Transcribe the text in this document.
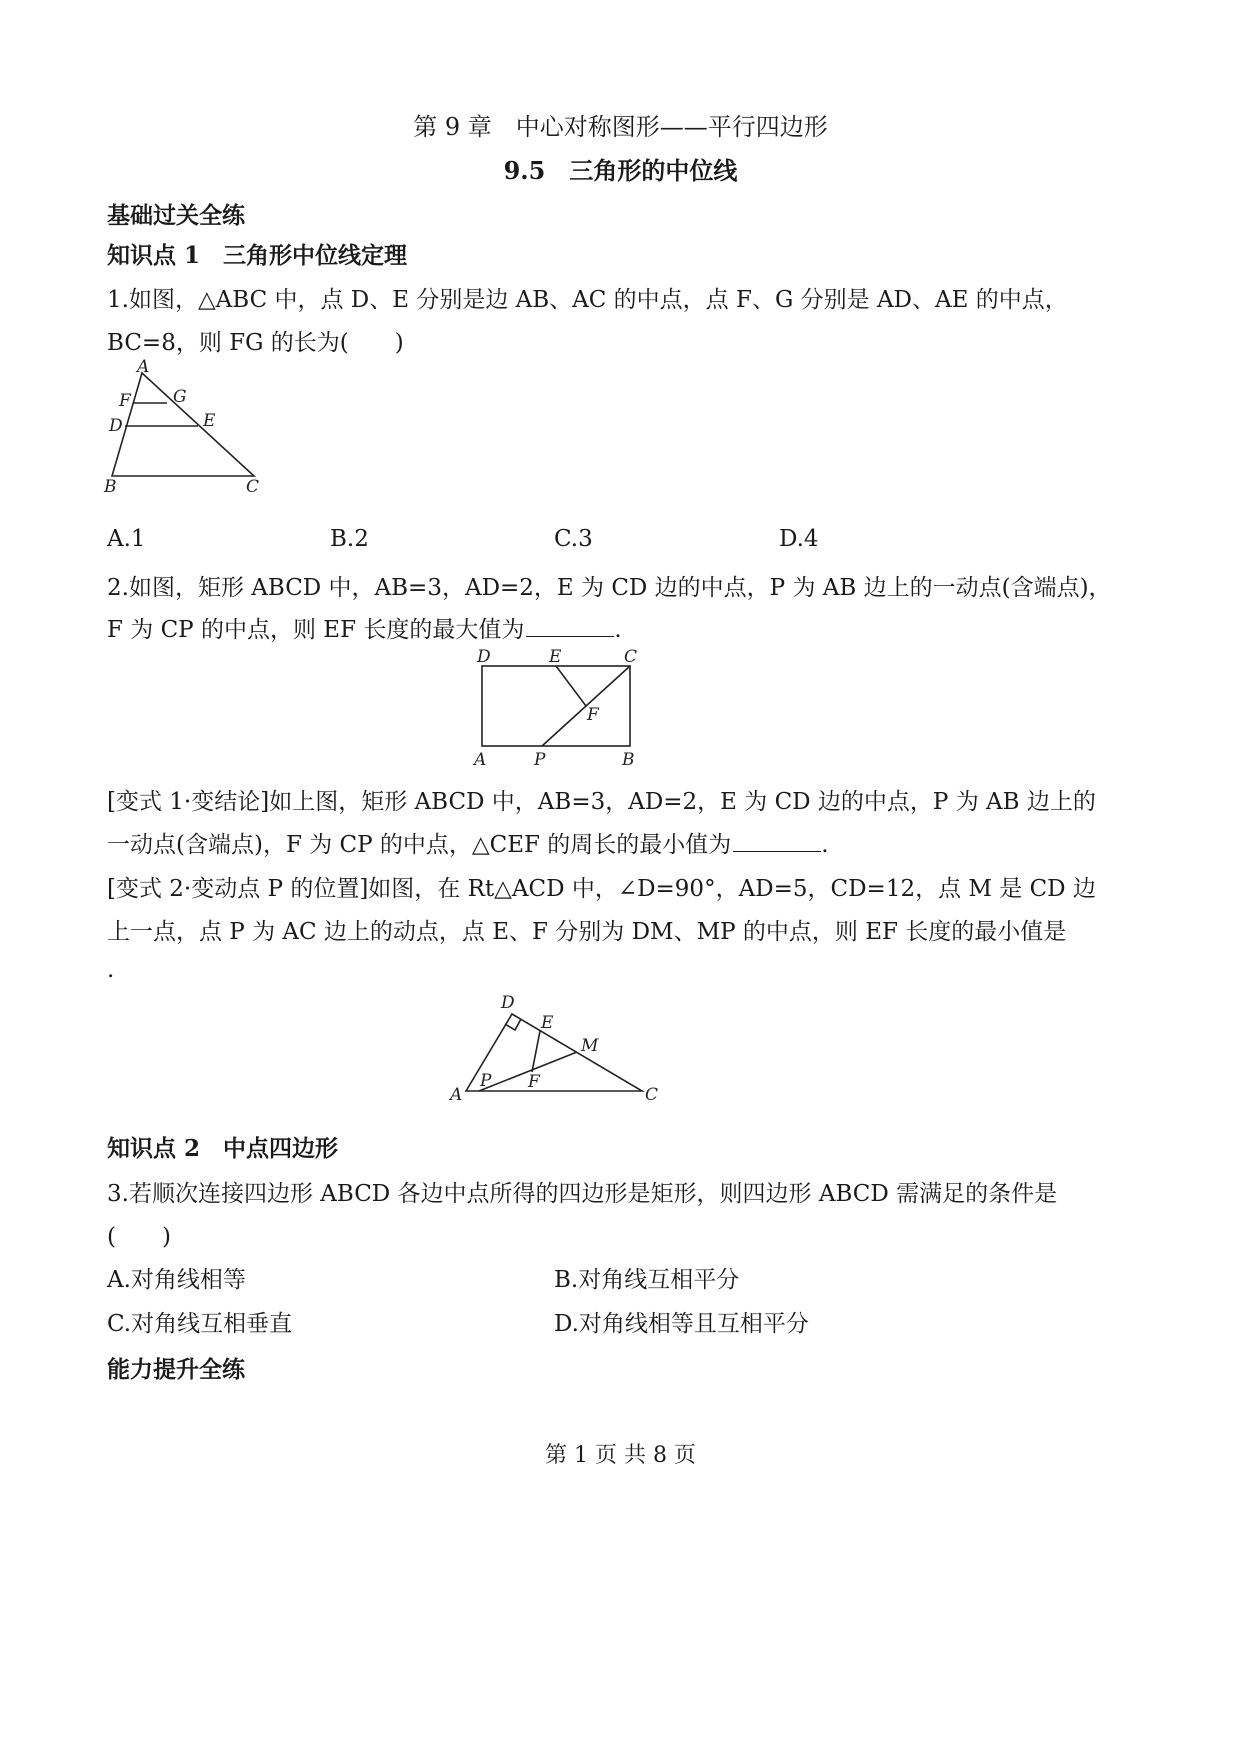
第 9 章　中心对称图形——平行四边形
9.5　三角形的中位线
基础过关全练
知识点 1　三角形中位线定理
1.如图，△ABC 中，点 D、E 分别是边 AB、AC 的中点，点 F、G 分别是 AD、AE 的中点，
BC=8，则 FG 的长为(　　)
A
F G
D	E
B	C
A.1	B.2	C.3	D.4
2.如图，矩形 ABCD 中，AB=3，AD=2，E 为 CD 边的中点，P 为 AB 边上的一动点(含端点)，
F 为 CP 的中点，则 EF 长度的最大值为	.
D	E	C
F
A	P	B
[变式 1·变结论]如上图，矩形 ABCD 中，AB=3，AD=2，E 为 CD 边的中点，P 为 AB 边上的
一动点(含端点)，F 为 CP 的中点，△CEF 的周长的最小值为	.
[变式 2·变动点 P 的位置]如图，在 Rt△ACD 中，∠D=90°，AD=5，CD=12，点 M 是 CD 边
上一点，点 P 为 AC 边上的动点，点 E、F 分别为 DM、MP 的中点，则 EF 长度的最小值是
.
D
E
M
P F
A	C
知识点 2　中点四边形
3.若顺次连接四边形 ABCD 各边中点所得的四边形是矩形，则四边形 ABCD 需满足的条件是
(　　)
A.对角线相等	B.对角线互相平分
C.对角线互相垂直	D.对角线相等且互相平分
能力提升全练
第 1 页 共 8 页
